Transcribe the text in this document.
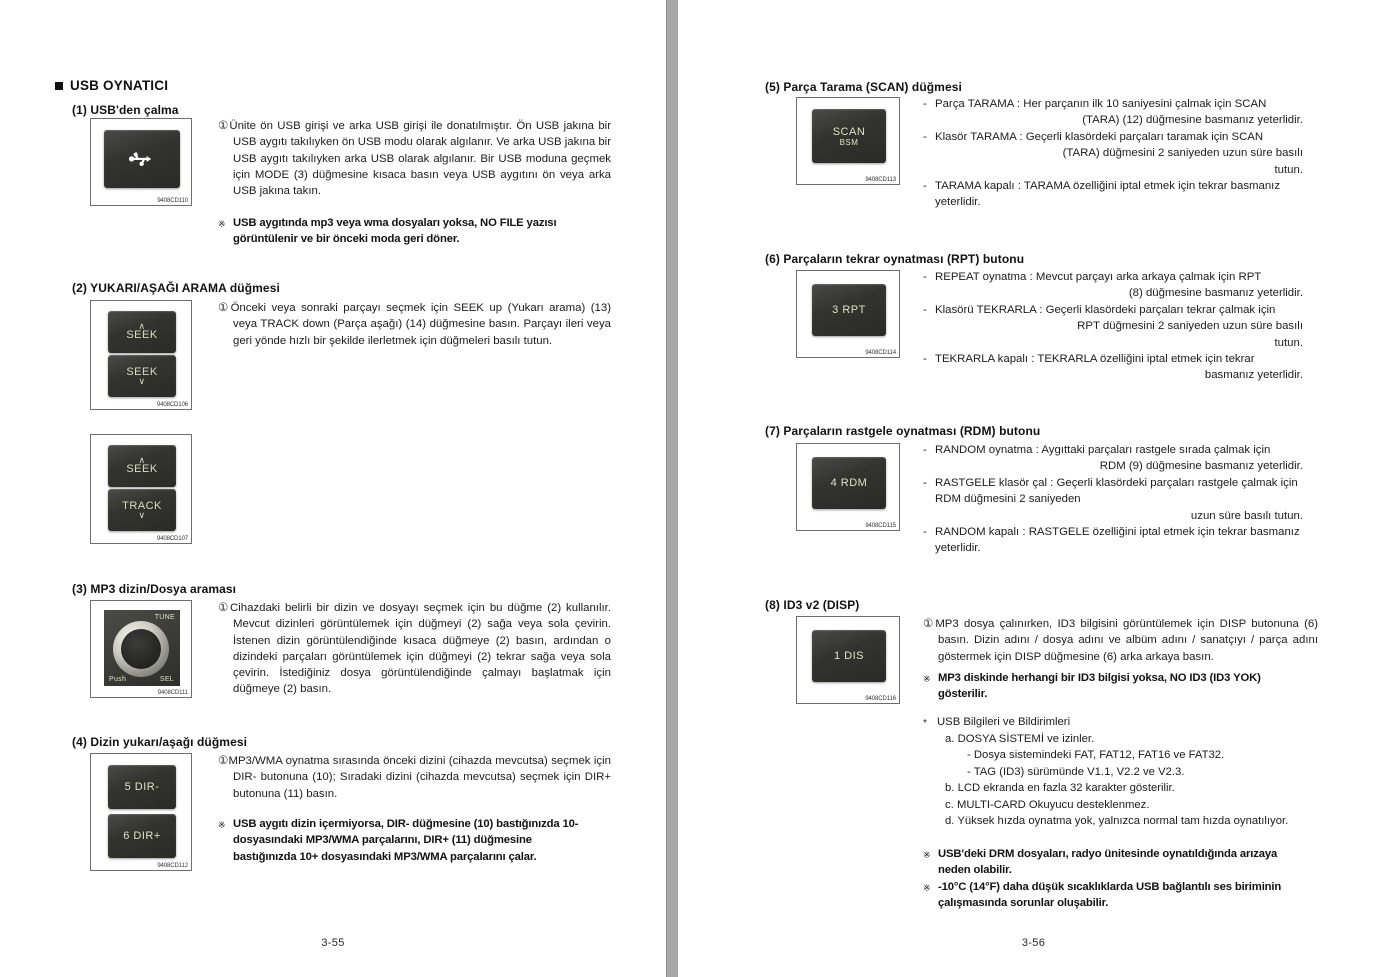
USB OYNATICI
(1) USB'den çalma
9408CD110
①Ünite ön USB girişi ve arka USB girişi ile donatılmıştır. Ön USB jakına bir USB aygıtı takılıyken ön USB modu olarak algılanır. Ve arka USB jakına bir USB aygıtı takılıyken arka USB olarak algılanır. Bir USB moduna geçmek için MODE (3) düğmesine kısaca basın veya USB aygıtını ön veya arka USB jakına takın.
※ USB aygıtında mp3 veya wma dosyaları yoksa, NO FILE yazısı görüntülenir ve bir önceki moda geri döner.
(2) YUKARI/AŞAĞI ARAMA düğmesi
∧
SEEK
SEEK
∨
9408CD106
∧
SEEK
TRACK
∨
9408CD107
①Önceki veya sonraki parçayı seçmek için SEEK up (Yukarı arama) (13) veya TRACK down (Parça aşağı) (14) düğmesine basın. Parçayı ileri veya geri yönde hızlı bir şekilde ilerletmek için düğmeleri basılı tutun.
(3) MP3 dizin/Dosya araması
TUNE
Push	SEL
9408CD111
①Cihazdaki belirli bir dizin ve dosyayı seçmek için bu düğme (2) kullanılır. Mevcut dizinleri görüntülemek için düğmeyi (2) sağa veya sola çevirin. İstenen dizin görüntülendiğinde kısaca düğmeye (2) basın, ardından o dizindeki parçaları görüntülemek için düğmeyi (2) tekrar sağa veya sola çevirin. İstediğiniz dosya görüntülendiğinde çalmayı başlatmak için düğmeye (2) basın.
(4) Dizin yukarı/aşağı düğmesi
5 DIR-
6 DIR+
9408CD112
①MP3/WMA oynatma sırasında önceki dizini (cihazda mevcutsa) seçmek için DIR- butonuna (10); Sıradaki dizini (cihazda mevcutsa) seçmek için DIR+ butonuna (11) basın.
※ USB aygıtı dizin içermiyorsa, DIR- düğmesine (10) bastığınızda 10-dosyasındaki MP3/WMA parçalarını, DIR+ (11) düğmesine bastığınızda 10+ dosyasındaki MP3/WMA parçalarını çalar.
3-55
(5) Parça Tarama (SCAN) düğmesi
SCAN
BSM
9408CD113
- Parça TARAMA : Her parçanın ilk 10 saniyesini çalmak için SCAN
(TARA) (12) düğmesine basmanız yeterlidir.
- Klasör TARAMA : Geçerli klasördeki parçaları taramak için SCAN
(TARA) düğmesini 2 saniyeden uzun süre basılı
tutun.
- TARAMA kapalı : TARAMA özelliğini iptal etmek için tekrar basmanız yeterlidir.
(6) Parçaların tekrar oynatması (RPT) butonu
3 RPT
9408CD114
- REPEAT oynatma : Mevcut parçayı arka arkaya çalmak için RPT
(8) düğmesine basmanız yeterlidir.
- Klasörü TEKRARLA : Geçerli klasördeki parçaları tekrar çalmak için
RPT düğmesini 2 saniyeden uzun süre basılı
tutun.
- TEKRARLA kapalı : TEKRARLA özelliğini iptal etmek için tekrar
basmanız yeterlidir.
(7) Parçaların rastgele oynatması (RDM) butonu
4 RDM
9408CD115
- RANDOM oynatma : Aygıttaki parçaları rastgele sırada çalmak için
RDM (9) düğmesine basmanız yeterlidir.
- RASTGELE klasör çal : Geçerli klasördeki parçaları rastgele çalmak için RDM düğmesini 2 saniyeden
uzun süre basılı tutun.
- RANDOM kapalı : RASTGELE özelliğini iptal etmek için tekrar basmanız yeterlidir.
(8) ID3 v2 (DISP)
1 DIS
9408CD116
①MP3 dosya çalınırken, ID3 bilgisini görüntülemek için DISP butonuna (6) basın. Dizin adını / dosya adını ve albüm adını / sanatçıyı / parça adını göstermek için DISP düğmesine (6) arka arkaya basın.
※ MP3 diskinde herhangi bir ID3 bilgisi yoksa, NO ID3 (ID3 YOK) gösterilir.
* USB Bilgileri ve Bildirimleri
a. DOSYA SİSTEMİ ve izinler.
- Dosya sistemindeki FAT, FAT12, FAT16 ve FAT32.
- TAG (ID3) sürümünde V1.1, V2.2 ve V2.3.
b. LCD ekranda en fazla 32 karakter gösterilir.
c. MULTI-CARD Okuyucu desteklenmez.
d. Yüksek hızda oynatma yok, yalnızca normal tam hızda oynatılıyor.
※ USB'deki DRM dosyaları, radyo ünitesinde oynatıldığında arızaya neden olabilir.
※ -10°C (14°F) daha düşük sıcaklıklarda USB bağlantılı ses biriminin çalışmasında sorunlar oluşabilir.
3-56
